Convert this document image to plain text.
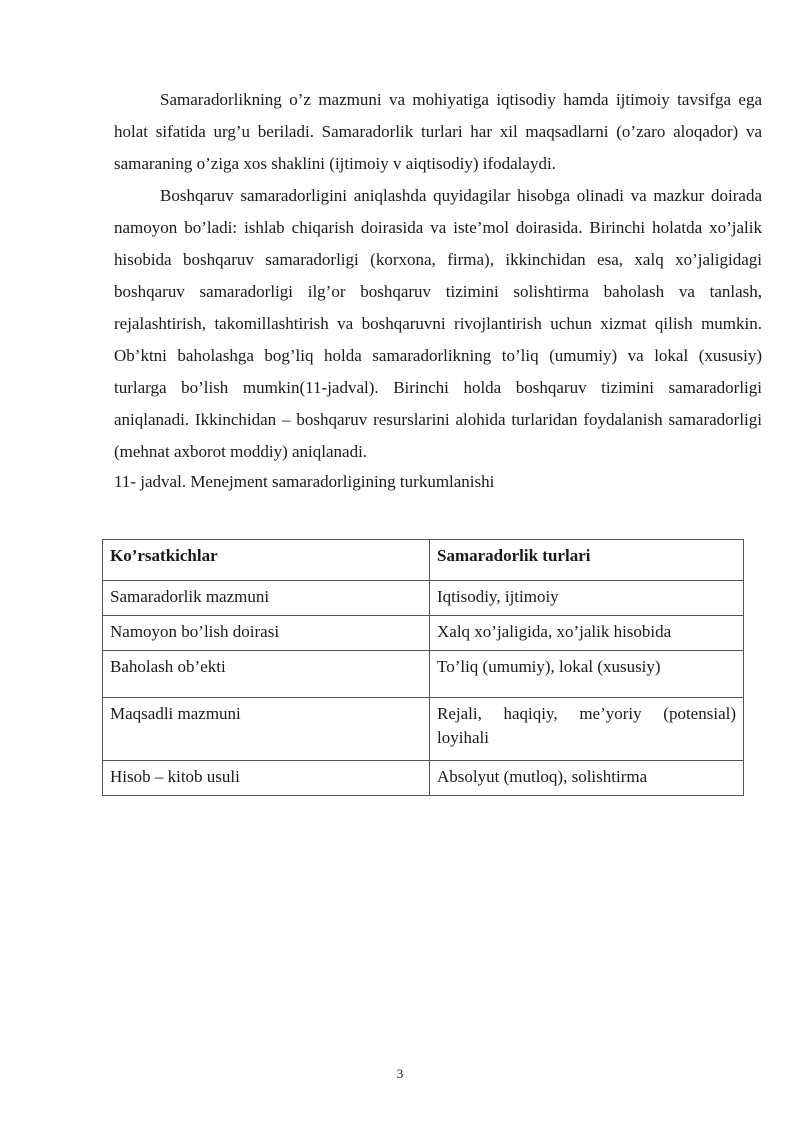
Samaradorlikning o’z mazmuni va mohiyatiga iqtisodiy hamda ijtimoiy tavsifga ega holat sifatida urg’u beriladi. Samaradorlik turlari har xil maqsadlarni (o’zaro aloqador) va samaraning o’ziga xos shaklini (ijtimoiy v aiqtisodiy) ifodalaydi.

Boshqaruv samaradorligini aniqlashda quyidagilar hisobga olinadi va mazkur doirada namoyon bo’ladi: ishlab chiqarish doirasida va iste’mol doirasida. Birinchi holatda xo’jalik hisobida boshqaruv samaradorligi (korxona, firma), ikkinchidan esa, xalq xo’jaligidagi boshqaruv samaradorligi ilg’or boshqaruv tizimini solishtirma baholash va tanlash, rejalashtirish, takomillashtirish va boshqaruvni rivojlantirish uchun xizmat qilish mumkin. Ob’ktni baholashga bog’liq holda samaradorlikning to’liq (umumiy) va lokal (xususiy) turlarga bo’lish mumkin(11-jadval). Birinchi holda boshqaruv tizimini samaradorligi aniqlanadi. Ikkinchidan – boshqaruv resurslarini alohida turlaridan foydalanish samaradorligi (mehnat axborot moddiy) aniqlanadi.

11- jadval. Menejment samaradorligining turkumlanishi

Ko’rsatkichlar	Samaradorlik turlari
Samaradorlik mazmuni	Iqtisodiy, ijtimoiy
Namoyon bo’lish doirasi	Xalq xo’jaligida, xo’jalik hisobida
Baholash ob’ekti	To’liq (umumiy), lokal (xususiy)
Maqsadli mazmuni	Rejali, haqiqiy, me’yoriy (potensial) loyihali
Hisob – kitob usuli	Absolyut (mutloq), solishtirma
3
